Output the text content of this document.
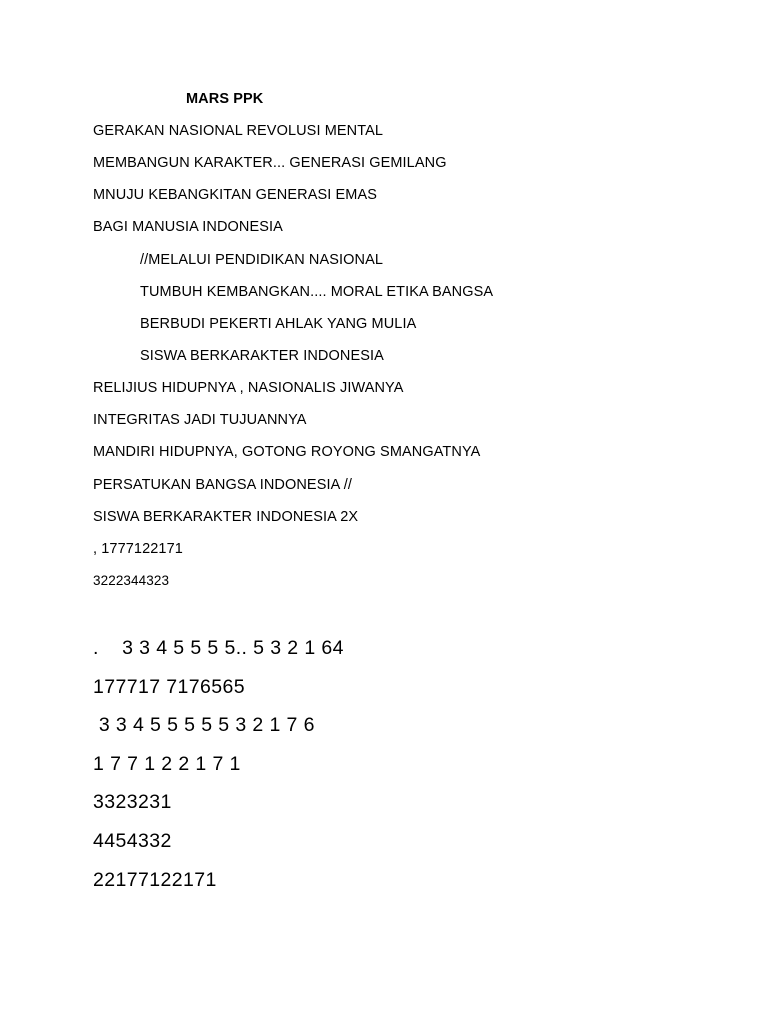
MARS PPK
GERAKAN NASIONAL REVOLUSI MENTAL
MEMBANGUN KARAKTER... GENERASI GEMILANG
MNUJU KEBANGKITAN GENERASI EMAS
BAGI MANUSIA INDONESIA
//MELALUI PENDIDIKAN NASIONAL
TUMBUH KEMBANGKAN.... MORAL ETIKA BANGSA
BERBUDI PEKERTI AHLAK YANG MULIA
SISWA BERKARAKTER INDONESIA
RELIJIUS HIDUPNYA , NASIONALIS JIWANYA
INTEGRITAS JADI TUJUANNYA
MANDIRI HIDUPNYA, GOTONG ROYONG SMANGATNYA
PERSATUKAN BANGSA INDONESIA //
SISWA BERKARAKTER INDONESIA 2X
, 1777122171
3222344323
.    3 3 4 5 5 5 5.. 5 3 2 1 64
177717 7176565
3 3 4 5 5 5 5 5 3 2 1 7 6
1 7 7 1 2 2 1 7 1
3323231
4454332
22177122171
